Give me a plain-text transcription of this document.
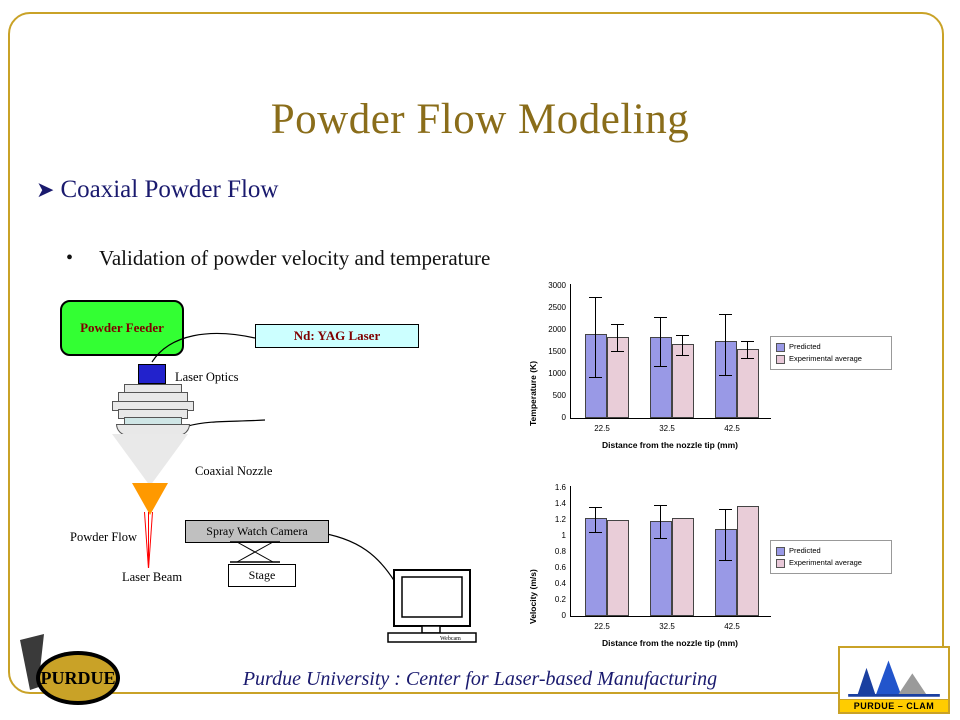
Powder Flow Modeling
➤ Coaxial Powder Flow
• Validation of powder velocity and temperature
Nd: YAG Laser
Powder Feeder
Spray Watch Camera
Stage
Laser Optics
Coaxial Nozzle
Powder Flow
Laser Beam
Webcam
Temperature (K)
3000
2500
2000
1500
1000
500
0
22.5	32.5	42.5
Distance from the nozzle tip (mm)
Predicted
Experimental average
Velocity (m/s)
1.6
1.4
1.2
1
0.8
0.6
0.4
0.2
0
22.5	32.5	42.5
Distance from the nozzle tip (mm)
Predicted
Experimental average
Purdue University : Center for Laser-based Manufacturing
PURDUE
PURDUE – CLAM
